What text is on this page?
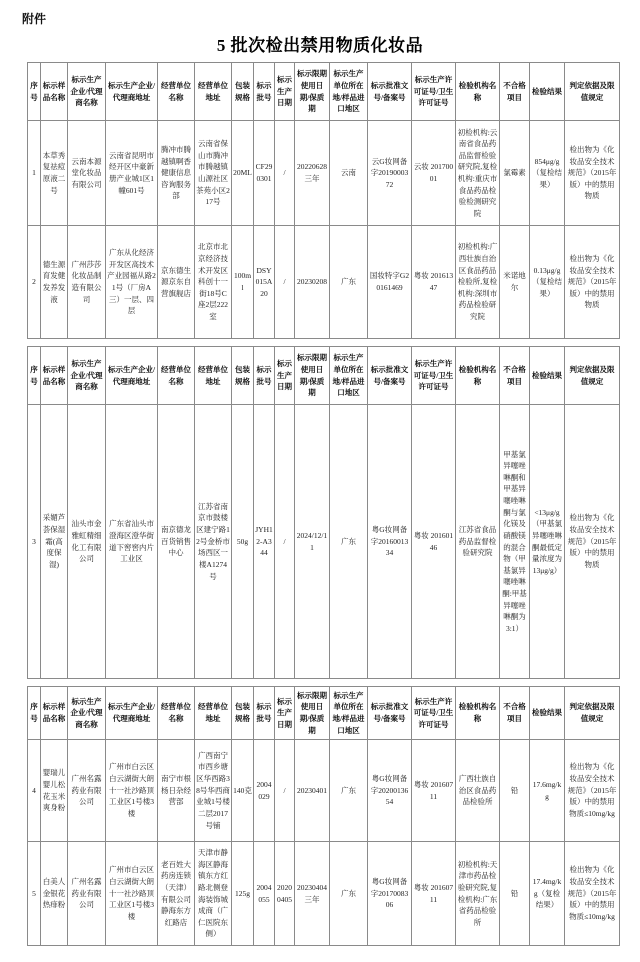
附件
5 批次检出禁用物质化妆品
序号	标示样品名称	标示生产企业/代理商名称	标示生产企业/代理商地址	经营单位名称	经营单位地址	包装规格	标示批号	标示生产日期	标示限期使用日期/保质期	标示生产单位所在地/样品进口地区	标示批准文号/备案号	标示生产许可证号/卫生许可证号	检验机构名称	不合格项目	检验结果	判定依据及限值规定
1	本草秀复祛痘原液二号	云南本源堂化妆品有限公司	云南省昆明市经开区中豪新册产业城1区1幢601号	腾冲市腾越镇啊香健康信息咨询服务部	云南省保山市腾冲市腾越镇山源社区茶苑小区217号	20ML	CF290301	/	20220628三年	云南	云G妆网备字2019000372	云妆 20170001	初检机构:云南省食品药品监督检验研究院,复检机构:重庆市食品药品检验检测研究院	氯霉素	854μg/g（复检结果）	检出物为《化妆品安全技术规范》（2015年版）中的禁用物质
2	德生源育发健发养发液	广州莎莎化妆品制造有限公司	广东从化经济开发区高技术产业园福从路21号（厂房A三）一层、四层	京东德生源京东自营旗舰店	北京市北京经济技术开发区科创十一街18号C座2层222室	100ml	DSY015A20	/	20230208	广东	国妆特字G20161469	粤妆 20161347	初检机构:广西壮族自治区食品药品检验所,复检机构:深圳市药品检验研究院	米诺地尔	0.13μg/g（复检结果）	检出物为《化妆品安全技术规范》（2015年版）中的禁用物质
序号	标示样品名称	标示生产企业/代理商名称	标示生产企业/代理商地址	经营单位名称	经营单位地址	包装规格	标示批号	标示生产日期	标示限期使用日期/保质期	标示生产单位所在地/样品进口地区	标示批准文号/备案号	标示生产许可证号/卫生许可证号	检验机构名称	不合格项目	检验结果	判定依据及限值规定
3	采媚芦荟保湿霜(高度保湿)	汕头市金雅虹精细化工有限公司	广东省汕头市澄海区澄华街道下窖窖内片工业区	南京德龙百货销售中心	江苏省南京市鼓楼区建宁路12号金桥市场西区一楼A1274号	50g	JYH12-A344	/	2024/12/11	广东	粤G妆网备字2016001334	粤妆 20160146	江苏省食品药品监督检验研究院	甲基氯异噻唑啉酮和甲基异噻唑啉酮与氯化镁及硝酸镁的混合物（甲基氯异噻唑啉酮:甲基异噻唑啉酮为3:1）	<13μg/g（甲基氯异噻唑啉酮最低定量浓度为13μg/g）	检出物为《化妆品安全技术规范》（2015年版）中的禁用物质
序号	标示样品名称	标示生产企业/代理商名称	标示生产企业/代理商地址	经营单位名称	经营单位地址	包装规格	标示批号	标示生产日期	标示限期使用日期/保质期	标示生产单位所在地/样品进口地区	标示批准文号/备案号	标示生产许可证号/卫生许可证号	检验机构名称	不合格项目	检验结果	判定依据及限值规定
4	婴瑞儿婴儿松花玉米爽身粉	广州名露药业有限公司	广州市白云区白云湖街大朗十一社沙路顶工业区1号楼3楼	南宁市根杨日杂经营部	广西南宁市西乡塘区华西路38号华西商业城1号楼二层2017号铺	140克	2004029	/	20230401	广东	粤G妆网备字2020013654	粤妆 20160711	广西壮族自治区食品药品检验所	铅	17.6mg/kg	检出物为《化妆品安全技术规范》（2015年版）中的禁用物质≤10mg/kg
5	白美人金银花热痱粉	广州名露药业有限公司	广州市白云区白云湖街大朗十一社沙路顶工业区1号楼3楼	老百姓大药房连锁（天津）有限公司静海东方红路店	天津市静海区静海镇东方红路北侧登海装饰城成商（广仁医院东侧）	125g	2004055	20200405	20230404三年	广东	粤G妆网备字2017008306	粤妆 20160711	初检机构:天津市药品检验研究院,复检机构:广东省药品检验所	铅	17.4mg/kg（复检结果）	检出物为《化妆品安全技术规范》（2015年版）中的禁用物质≤10mg/kg
